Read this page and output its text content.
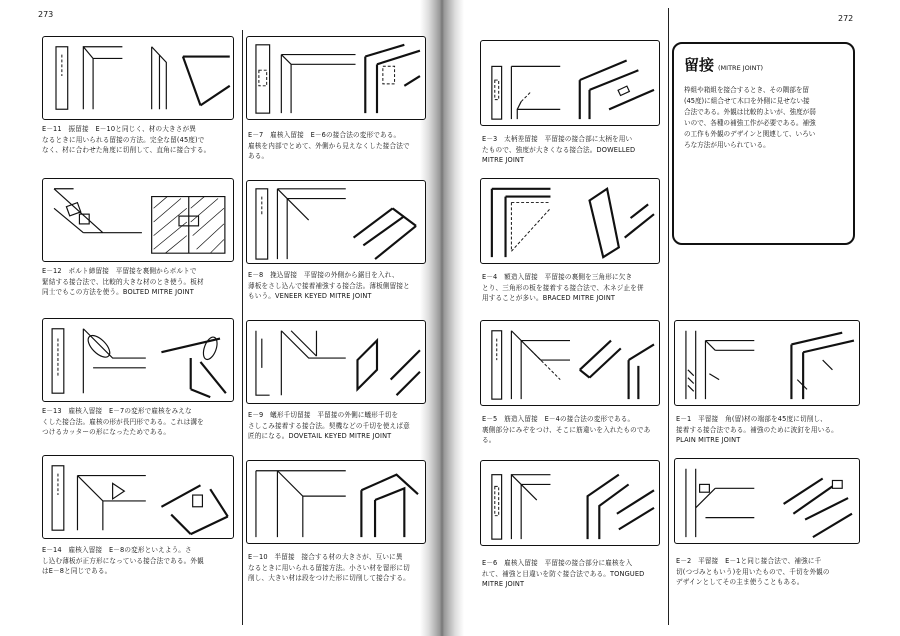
273	272
E－11　振留接　E－10と同じく、材の大きさが異
なるときに用いられる留接の方法。完全な留(45度)で
なく、材に合わせた角度に切削して、直角に接合する。
E－12　ボルト締留接　平留接を裏側からボルトで
緊結する接合法で、比較的大きな材のとき使う。板材
同士でもこの方法を使う。BOLTED MITRE JOINT
E－13　雇核入留接　E－7の変形で雇核をみえな
くした接合法。雇核の形が長円形である。これは溝を
つけるカッターの形になったためである。
E－14　雇核入留接　E－8の変形といえよう。さ
し込む薄板が正方形になっている接合法である。外観
はE－8と同じである。
E－7　雇核入留接　E－6の接合法の変形である。
雇核を内部でとめて、外側から見えなくした接合法で
ある。
E－8　挽込留接　平留接の外側から鋸目を入れ、
薄板をさし込んで接着補強する接合法。薄板側留接と
もいう。VENEER KEYED MITRE JOINT
E－9　蟻形千切留接　平留接の外側に蟻形千切を
さしこみ接着する接合法。契機などの千切を使えば意
匠的になる。DOVETAIL KEYED MITRE JOINT
E－10　半留接　接合する材の大きさが、互いに異
なるときに用いられる留接方法。小さい材を留形に切
削し、大きい材は段をつけた形に切削して接合する。
E－3　太柄差留接　平留接の接合部に太柄を用い
たもので、強度が大きくなる接合法。DOWELLED
MITRE JOINT
E－4　額造入留接　平留接の裏側を三角形に欠き
とり、三角形の板を接着する接合法で、木ネジ止を併
用することが多い。BRACED MITRE JOINT
E－5　筋造入留接　E－4の接合法の変形である。
裏側部分にみぞをつけ、そこに筋違いを入れたものであ
る。
E－6　雇核入留接　平留接の接合部分に雇核を入
れて、補強と目違いを防ぐ接合法である。TONGUED
MITRE JOINT
留接 (MITRE JOINT)
枠組や箱組を接合するとき、その隅部を留
(45度)に組合せて木口を外側に見せない接
合法である。外観は比較的よいが、強度が弱
いので、各種の補強工作が必要である。補強
の工作も外観のデザインと関連して、いろい
ろな方法が用いられている。
E－1　平留接　角(留)材の端部を45度に切削し、
接着する接合法である。補強のために波釘を用いる。
PLAIN MITRE JOINT
E－2　平留接　E－1と同じ接合法で、補強に千
切(つづみともいう)を用いたもので、千切を外観の
デザインとしてその主ま使うこともある。
